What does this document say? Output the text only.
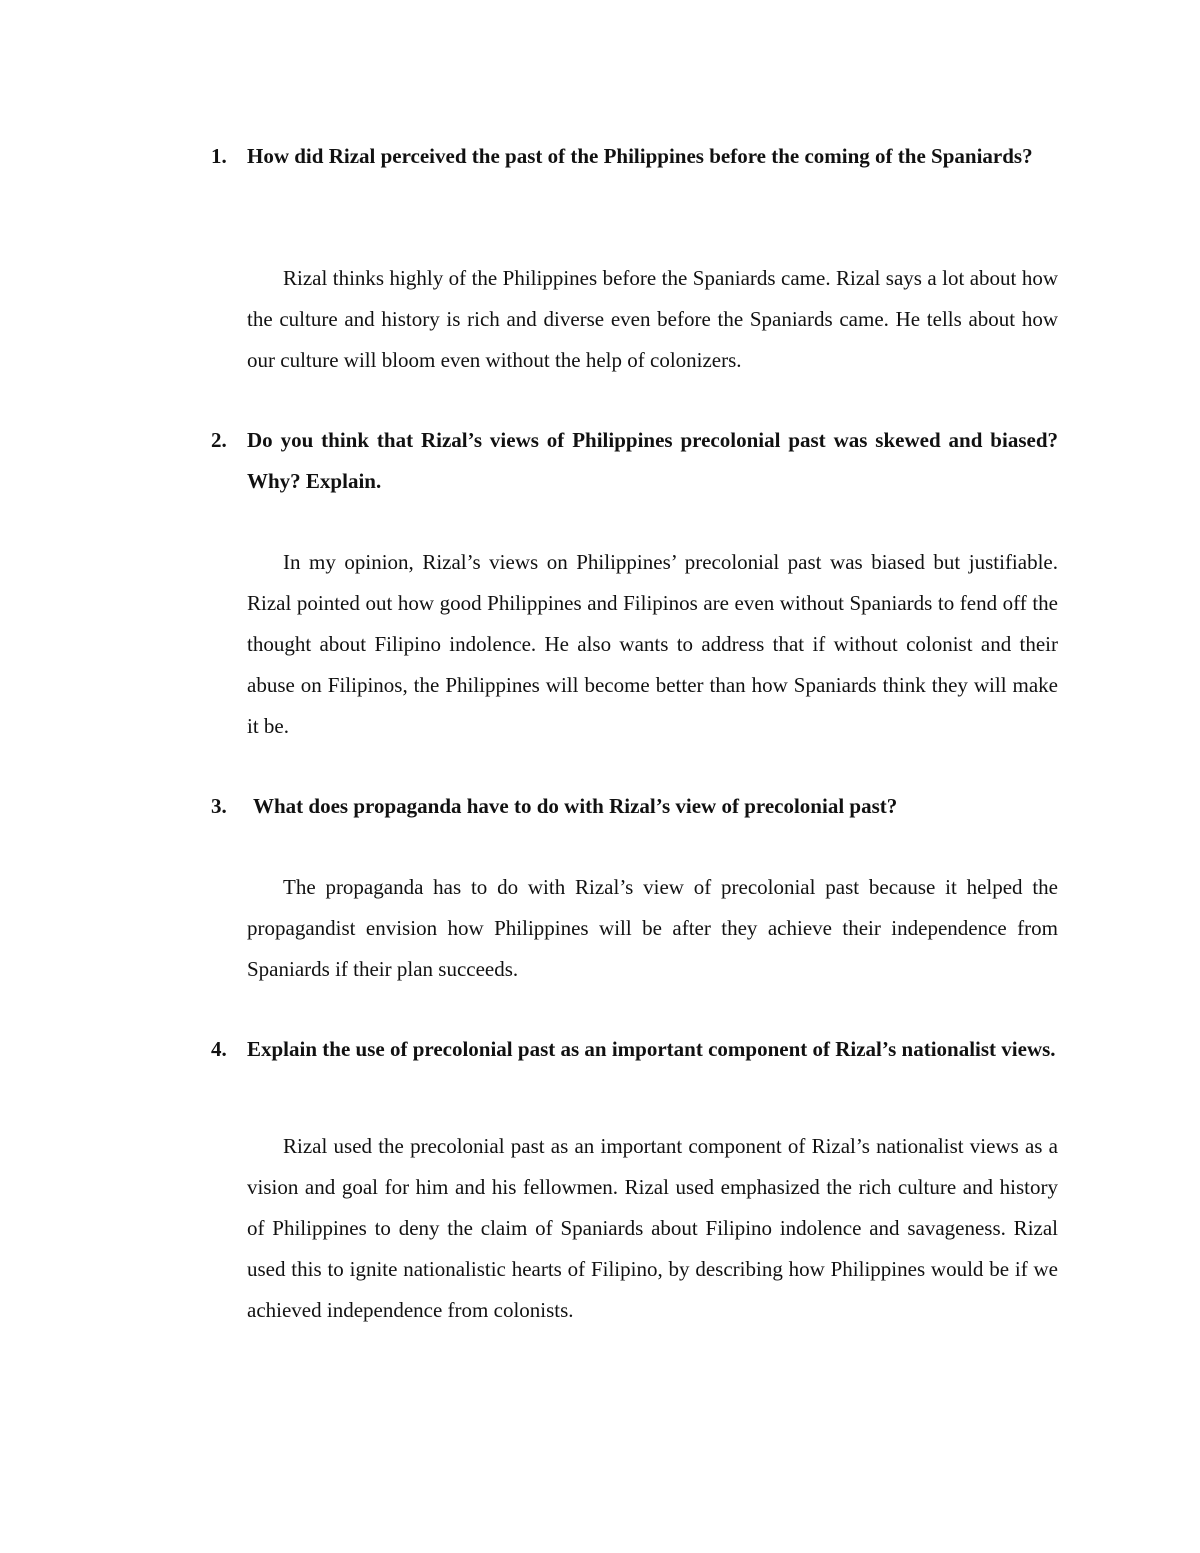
1. How did Rizal perceived the past of the Philippines before the coming of the Spaniards?
Rizal thinks highly of the Philippines before the Spaniards came. Rizal says a lot about how the culture and history is rich and diverse even before the Spaniards came. He tells about how our culture will bloom even without the help of colonizers.
2. Do you think that Rizal’s views of Philippines precolonial past was skewed and biased? Why? Explain.
In my opinion, Rizal’s views on Philippines’ precolonial past was biased but justifiable. Rizal pointed out how good Philippines and Filipinos are even without Spaniards to fend off the thought about Filipino indolence. He also wants to address that if without colonist and their abuse on Filipinos, the Philippines will become better than how Spaniards think they will make it be.
3. What does propaganda have to do with Rizal’s view of precolonial past?
The propaganda has to do with Rizal’s view of precolonial past because it helped the propagandist envision how Philippines will be after they achieve their independence from Spaniards if their plan succeeds.
4. Explain the use of precolonial past as an important component of Rizal’s nationalist views.
Rizal used the precolonial past as an important component of Rizal’s nationalist views as a vision and goal for him and his fellowmen. Rizal used emphasized the rich culture and history of Philippines to deny the claim of Spaniards about Filipino indolence and savageness. Rizal used this to ignite nationalistic hearts of Filipino, by describing how Philippines would be if we achieved independence from colonists.
